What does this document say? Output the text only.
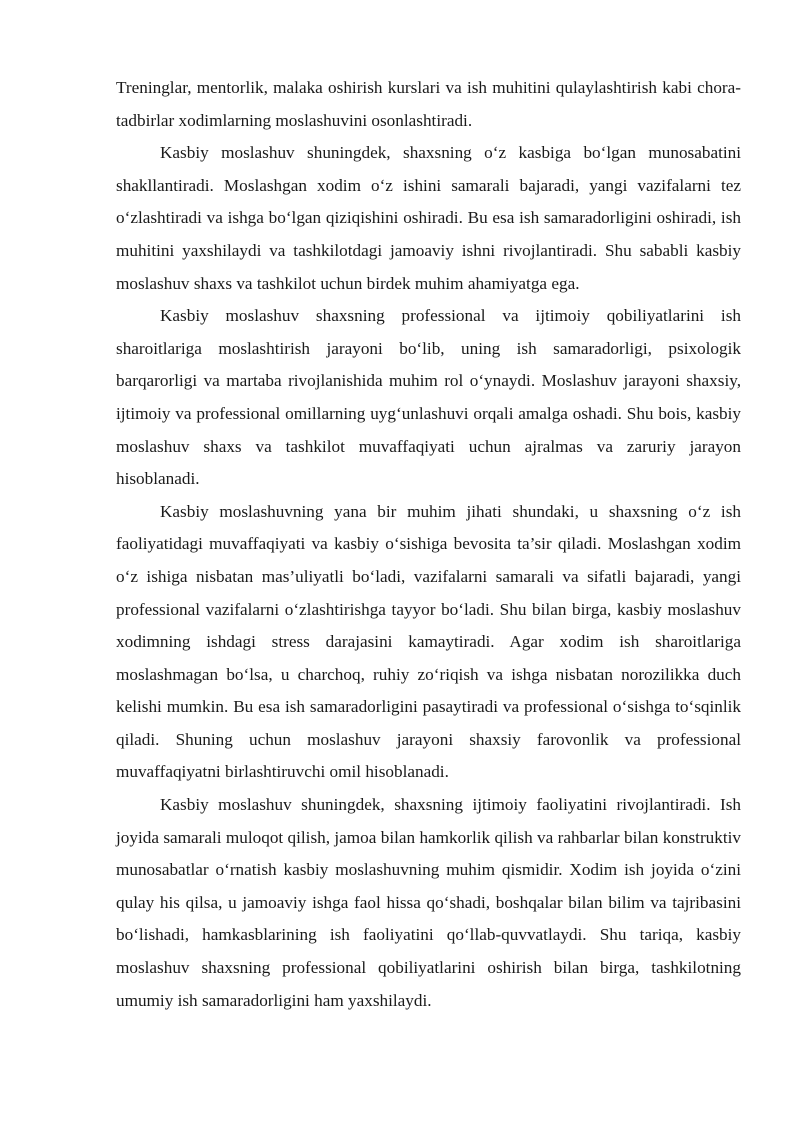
Treninglar, mentorlik, malaka oshirish kurslari va ish muhitini qulaylashtirish kabi chora-tadbirlar xodimlarning moslashuvini osonlashtiradi.

Kasbiy moslashuv shuningdek, shaxsning o‘z kasbiga bo‘lgan munosabatini shakllantiradi. Moslashgan xodim o‘z ishini samarali bajaradi, yangi vazifalarni tez o‘zlashtiradi va ishga bo‘lgan qiziqishini oshiradi. Bu esa ish samaradorligini oshiradi, ish muhitini yaxshilaydi va tashkilotdagi jamoaviy ishni rivojlantiradi. Shu sababli kasbiy moslashuv shaxs va tashkilot uchun birdek muhim ahamiyatga ega.

Kasbiy moslashuv shaxsning professional va ijtimoiy qobiliyatlarini ish sharoitlariga moslashtirish jarayoni bo‘lib, uning ish samaradorligi, psixologik barqarorligi va martaba rivojlanishida muhim rol o‘ynaydi. Moslashuv jarayoni shaxsiy, ijtimoiy va professional omillarning uyg‘unlashuvi orqali amalga oshadi. Shu bois, kasbiy moslashuv shaxs va tashkilot muvaffaqiyati uchun ajralmas va zaruriy jarayon hisoblanadi.

Kasbiy moslashuvning yana bir muhim jihati shundaki, u shaxsning o‘z ish faoliyatidagi muvaffaqiyati va kasbiy o‘sishiga bevosita ta’sir qiladi. Moslashgan xodim o‘z ishiga nisbatan mas’uliyatli bo‘ladi, vazifalarni samarali va sifatli bajaradi, yangi professional vazifalarni o‘zlashtirishga tayyor bo‘ladi. Shu bilan birga, kasbiy moslashuv xodimning ishdagi stress darajasini kamaytiradi. Agar xodim ish sharoitlariga moslashmagan bo‘lsa, u charchoq, ruhiy zo‘riqish va ishga nisbatan norozilikka duch kelishi mumkin. Bu esa ish samaradorligini pasaytiradi va professional o‘sishga to‘sqinlik qiladi. Shuning uchun moslashuv jarayoni shaxsiy farovonlik va professional muvaffaqiyatni birlashtiruvchi omil hisoblanadi.

Kasbiy moslashuv shuningdek, shaxsning ijtimoiy faoliyatini rivojlantiradi. Ish joyida samarali muloqot qilish, jamoa bilan hamkorlik qilish va rahbarlar bilan konstruktiv munosabatlar o‘rnatish kasbiy moslashuvning muhim qismidir. Xodim ish joyida o‘zini qulay his qilsa, u jamoaviy ishga faol hissa qo‘shadi, boshqalar bilan bilim va tajribasini bo‘lishadi, hamkasblarining ish faoliyatini qo‘llab-quvvatlaydi. Shu tariqa, kasbiy moslashuv shaxsning professional qobiliyatlarini oshirish bilan birga, tashkilotning umumiy ish samaradorligini ham yaxshilaydi.
